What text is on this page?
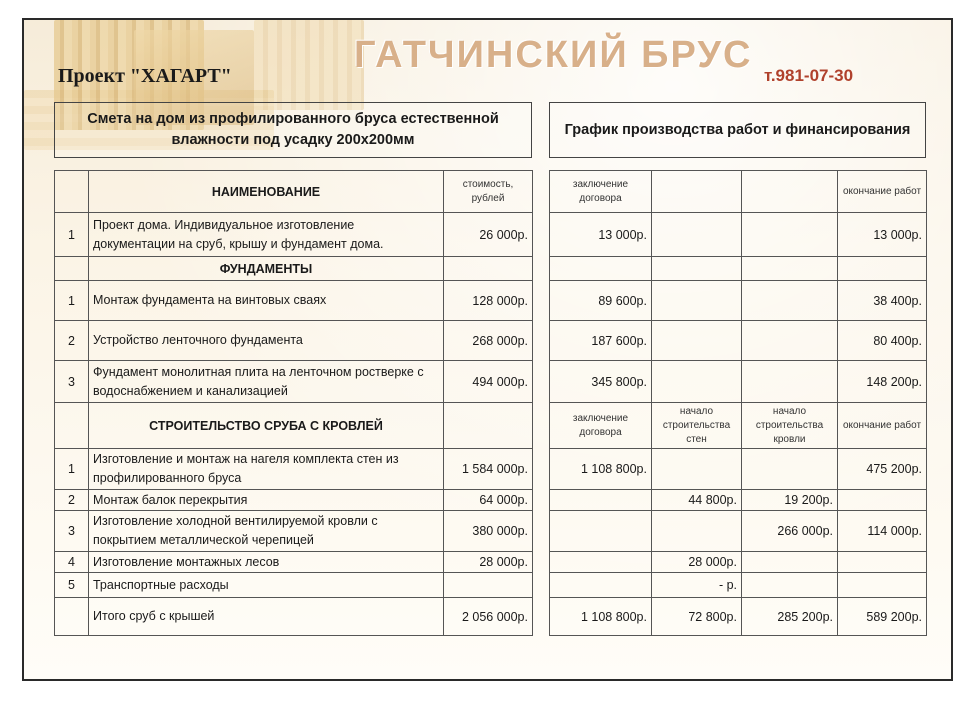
ГАТЧИНСКИЙ БРУС
Проект "ХАГАРТ"	т.981-07-30
Смета на дом из профилированного бруса естественной влажности под усадку 200х200мм
График производства работ и финансирования
	НАИМЕНОВАНИЕ	стоимость, рублей
1	Проект дома. Индивидуальное изготовление документации на сруб, крышу и фундамент дома.	26 000р.
	ФУНДАМЕНТЫ	
1	Монтаж фундамента на винтовых сваях	128 000р.
2	Устройство ленточного фундамента	268 000р.
3	Фундамент монолитная плита на ленточном ростверке с водоснабжением и канализацией	494 000р.
	СТРОИТЕЛЬСТВО СРУБА С КРОВЛЕЙ	
1	Изготовление и монтаж на нагеля комплекта стен из профилированного бруса	1 584 000р.
2	Монтаж балок перекрытия	64 000р.
3	Изготовление холодной вентилируемой кровли с покрытием металлической черепицей	380 000р.
4	Изготовление монтажных лесов	28 000р.
5	Транспортные расходы	
	Итого сруб с крышей	2 056 000р.
заключение договора			окончание работ
13 000р.			13 000р.

89 600р.			38 400р.
187 600р.			80 400р.
345 800р.			148 200р.
заключение договора	начало строительства стен	начало строительства кровли	окончание работ
1 108 800р.			475 200р.
	44 800р.	19 200р.	
		266 000р.	114 000р.
	28 000р.		
	- р.		
1 108 800р.	72 800р.	285 200р.	589 200р.
